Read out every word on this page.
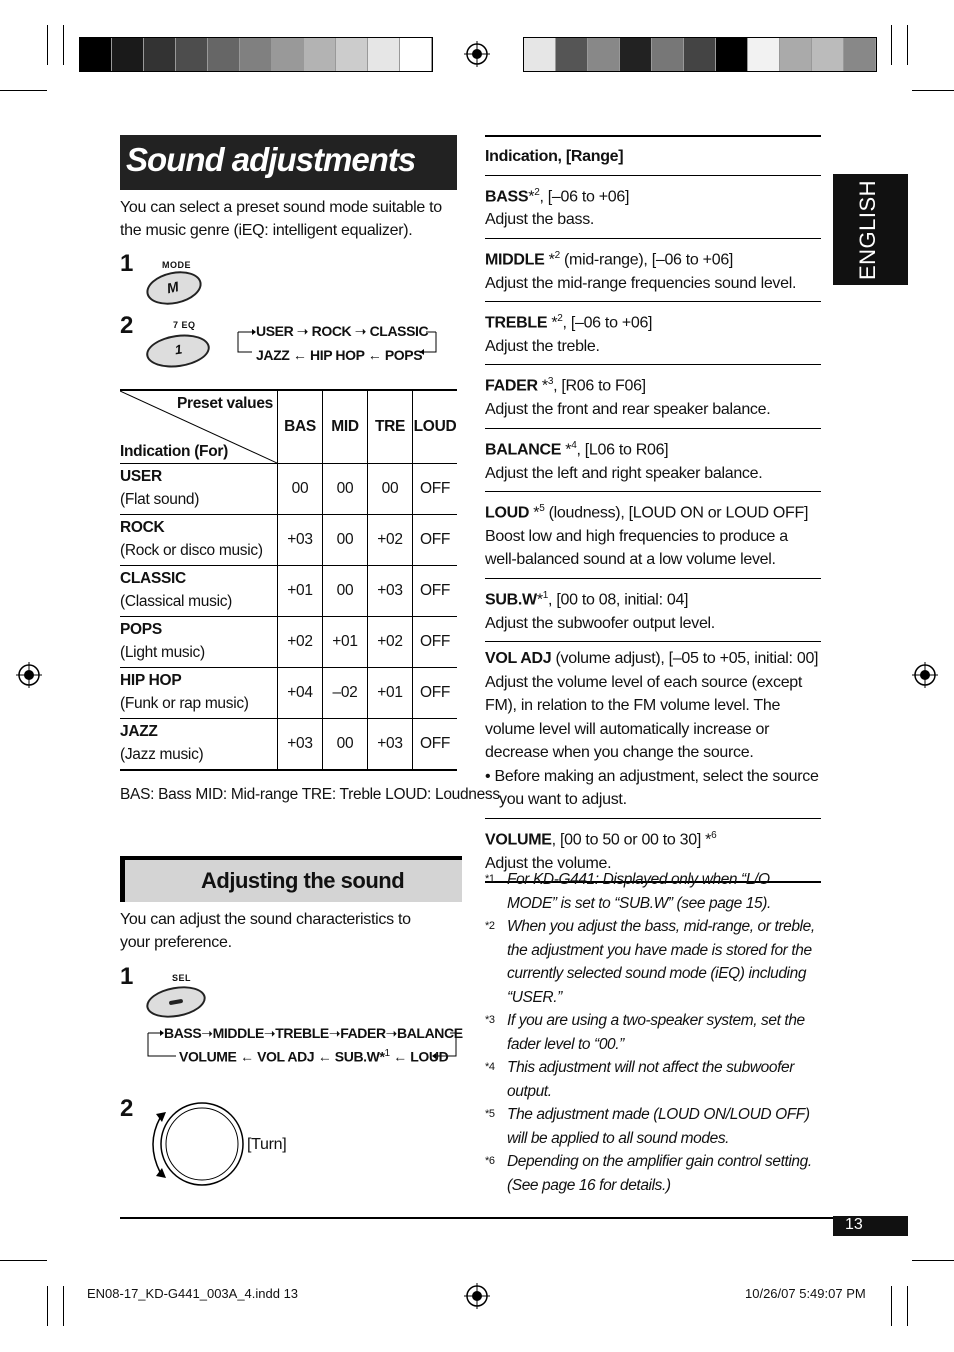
Sound adjustments
You can select a preset sound mode suitable to the music genre (iEQ: intelligent equalizer).
1	MODE
M
2	7 EQ
1
USER ➝ ROCK ➝ CLASSIC
JAZZ ← HIP HOP ← POPS
Preset values
Indication (For)	BAS	MID	TRE	LOUD

USER
(Flat sound)	00	00	00	OFF

ROCK
(Rock or disco music)	+03	00	+02	OFF

CLASSIC
(Classical music)	+01	00	+03	OFF

POPS
(Light music)	+02	+01	+02	OFF

HIP HOP
(Funk or rap music)	+04	–02	+01	OFF

JAZZ
(Jazz music)	+03	00	+03	OFF
BAS: Bass MID: Mid-range TRE: Treble LOUD: Loudness
Adjusting the sound
You can adjust the sound characteristics to your preference.
1	SEL
BASS➝MIDDLE➝TREBLE➝FADER➝BALANCE
VOLUME ← VOL ADJ ← SUB.W*$^1$ ← LOUD
2
[Turn]
Indication, [Range]
BASS*$^2$, [–06 to +06]
Adjust the bass.
MIDDLE *$^2$ (mid-range), [–06 to +06]
Adjust the mid-range frequencies sound level.
TREBLE *$^2$, [–06 to +06]
Adjust the treble.
FADER *$^3$, [R06 to F06]
Adjust the front and rear speaker balance.
BALANCE *$^4$, [L06 to R06]
Adjust the left and right speaker balance.
LOUD *$^5$ (loudness), [LOUD ON or LOUD OFF]
Boost low and high frequencies to produce a well-balanced sound at a low volume level.
SUB.W*$^1$, [00 to 08, initial: 04]
Adjust the subwoofer output level.
VOL ADJ (volume adjust), [–05 to +05, initial: 00]
Adjust the volume level of each source (except FM), in relation to the FM volume level. The volume level will automatically increase or decrease when you change the source.
• Before making an adjustment, select the source you want to adjust.
VOLUME, [00 to 50 or 00 to 30] *$^6$
Adjust the volume.
*1 For KD-G441: Displayed only when “L/O MODE” is set to “SUB.W” (see page 15).
*2 When you adjust the bass, mid-range, or treble, the adjustment you have made is stored for the currently selected sound mode (iEQ) including “USER.”
*3 If you are using a two-speaker system, set the fader level to “00.”
*4 This adjustment will not affect the subwoofer output.
*5 The adjustment made (LOUD ON/LOUD OFF) will be applied to all sound modes.
*6 Depending on the amplifier gain control setting. (See page 16 for details.)
ENGLISH
13
EN08-17_KD-G441_003A_4.indd 13	10/26/07 5:49:07 PM
